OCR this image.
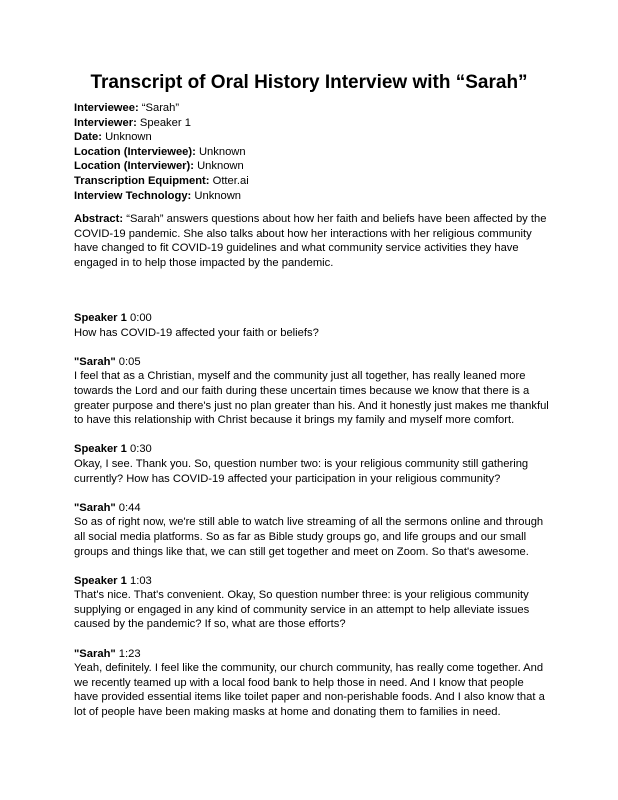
Transcript of Oral History Interview with “Sarah”
Interviewee: “Sarah”
Interviewer: Speaker 1
Date: Unknown
Location (Interviewee): Unknown
Location (Interviewer): Unknown
Transcription Equipment: Otter.ai
Interview Technology: Unknown
Abstract: “Sarah” answers questions about how her faith and beliefs have been affected by the COVID-19 pandemic. She also talks about how her interactions with her religious community have changed to fit COVID-19 guidelines and what community service activities they have engaged in to help those impacted by the pandemic.
Speaker 1 0:00
How has COVID-19 affected your faith or beliefs?
"Sarah" 0:05
I feel that as a Christian, myself and the community just all together, has really leaned more
towards the Lord and our faith during these uncertain times because we know that there is a
greater purpose and there's just no plan greater than his. And it honestly just makes me thankful
to have this relationship with Christ because it brings my family and myself more comfort.
Speaker 1 0:30
Okay, I see. Thank you. So, question number two: is your religious community still gathering
currently? How has COVID-19 affected your participation in your religious community?
"Sarah" 0:44
So as of right now, we're still able to watch live streaming of all the sermons online and through
all social media platforms. So as far as Bible study groups go, and life groups and our small
groups and things like that, we can still get together and meet on Zoom. So that's awesome.
Speaker 1 1:03
That's nice. That's convenient. Okay, So question number three: is your religious community
supplying or engaged in any kind of community service in an attempt to help alleviate issues
caused by the pandemic? If so, what are those efforts?
"Sarah" 1:23
Yeah, definitely. I feel like the community, our church community, has really come together. And
we recently teamed up with a local food bank to help those in need. And I know that people
have provided essential items like toilet paper and non-perishable foods. And I also know that a
lot of people have been making masks at home and donating them to families in need.
